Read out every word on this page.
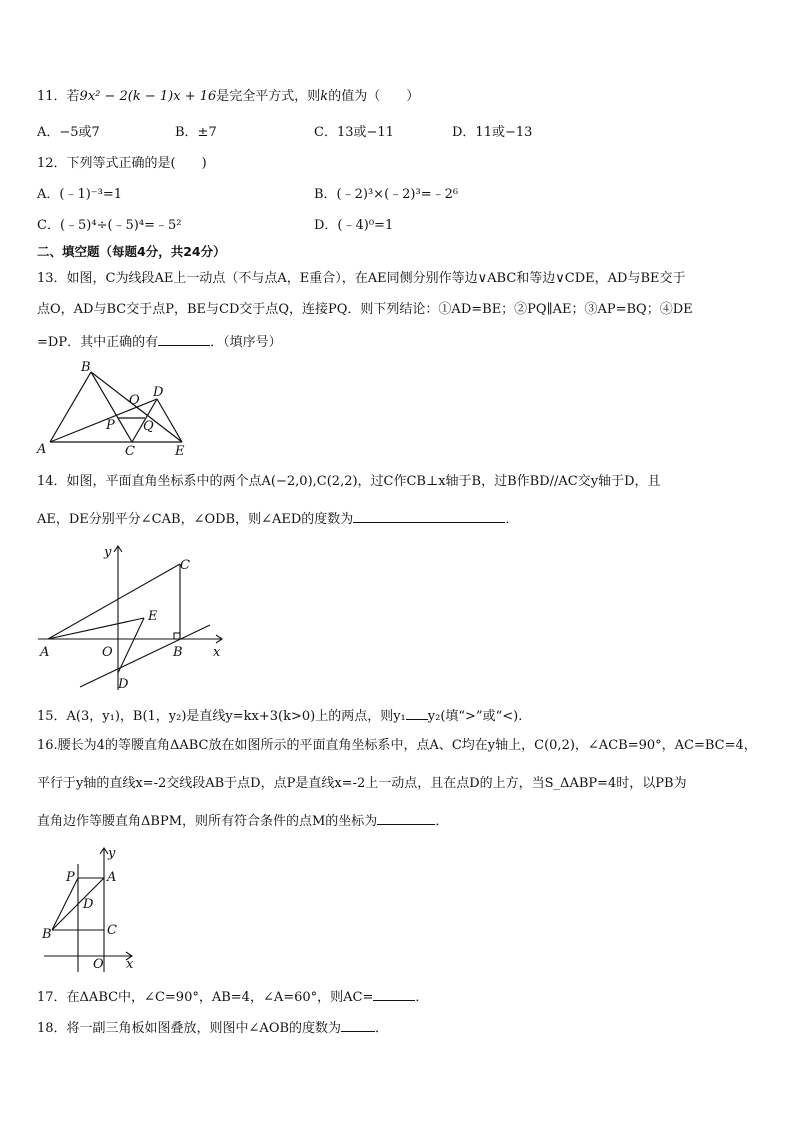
11．若9x² − 2(k − 1)x + 16是完全平方式，则k的值为（　　）
A．−5或7	B．±7	C．13或−11	D．11或−13
12．下列等式正确的是(　　)
A．(﹣1)⁻³=1	B．(﹣2)³×(﹣2)³=﹣2⁶
C．(﹣5)⁴÷(﹣5)⁴=﹣5²	D．(﹣4)⁰=1
二、填空题（每题4分，共24分）
13．如图，C为线段AE上一动点（不与点A，E重合），在AE同侧分别作等边∨ABC和等边∨CDE，AD与BE交于
点O，AD与BC交于点P，BE与CD交于点Q，连接PQ．则下列结论：①AD=BE；②PQ∥AE；③AP=BQ；④DE
=DP．其中正确的有	．（填序号）
B
D
O
P Q
A	C	E
14．如图，平面直角坐标系中的两个点A(−2,0),C(2,2)，过C作CB⊥x轴于B，过B作BD//AC交y轴于D，且
AE，DE分别平分∠CAB，∠ODB，则∠AED的度数为	．
y
x
C
E
A	O	B
D
15．A(3，y₁)，B(1，y₂)是直线y=kx+3(k>0)上的两点，则y₁ y₂(填“>”或“<).
16.腰长为4的等腰直角ΔABC放在如图所示的平面直角坐标系中，点A、C均在y轴上，C(0,2)，∠ACB=90°，AC=BC=4，
平行于y轴的直线x=-2交线段AB于点D，点P是直线x=-2上一动点，且在点D的上方，当S_ΔABP=4时，以PB为
直角边作等腰直角ΔBPM，则所有符合条件的点M的坐标为	．
y
x
P A
D
B	C
O
17．在ΔABC中，∠C=90°，AB=4，∠A=60°，则AC=	．
18．将一副三角板如图叠放，则图中∠AOB的度数为	．
